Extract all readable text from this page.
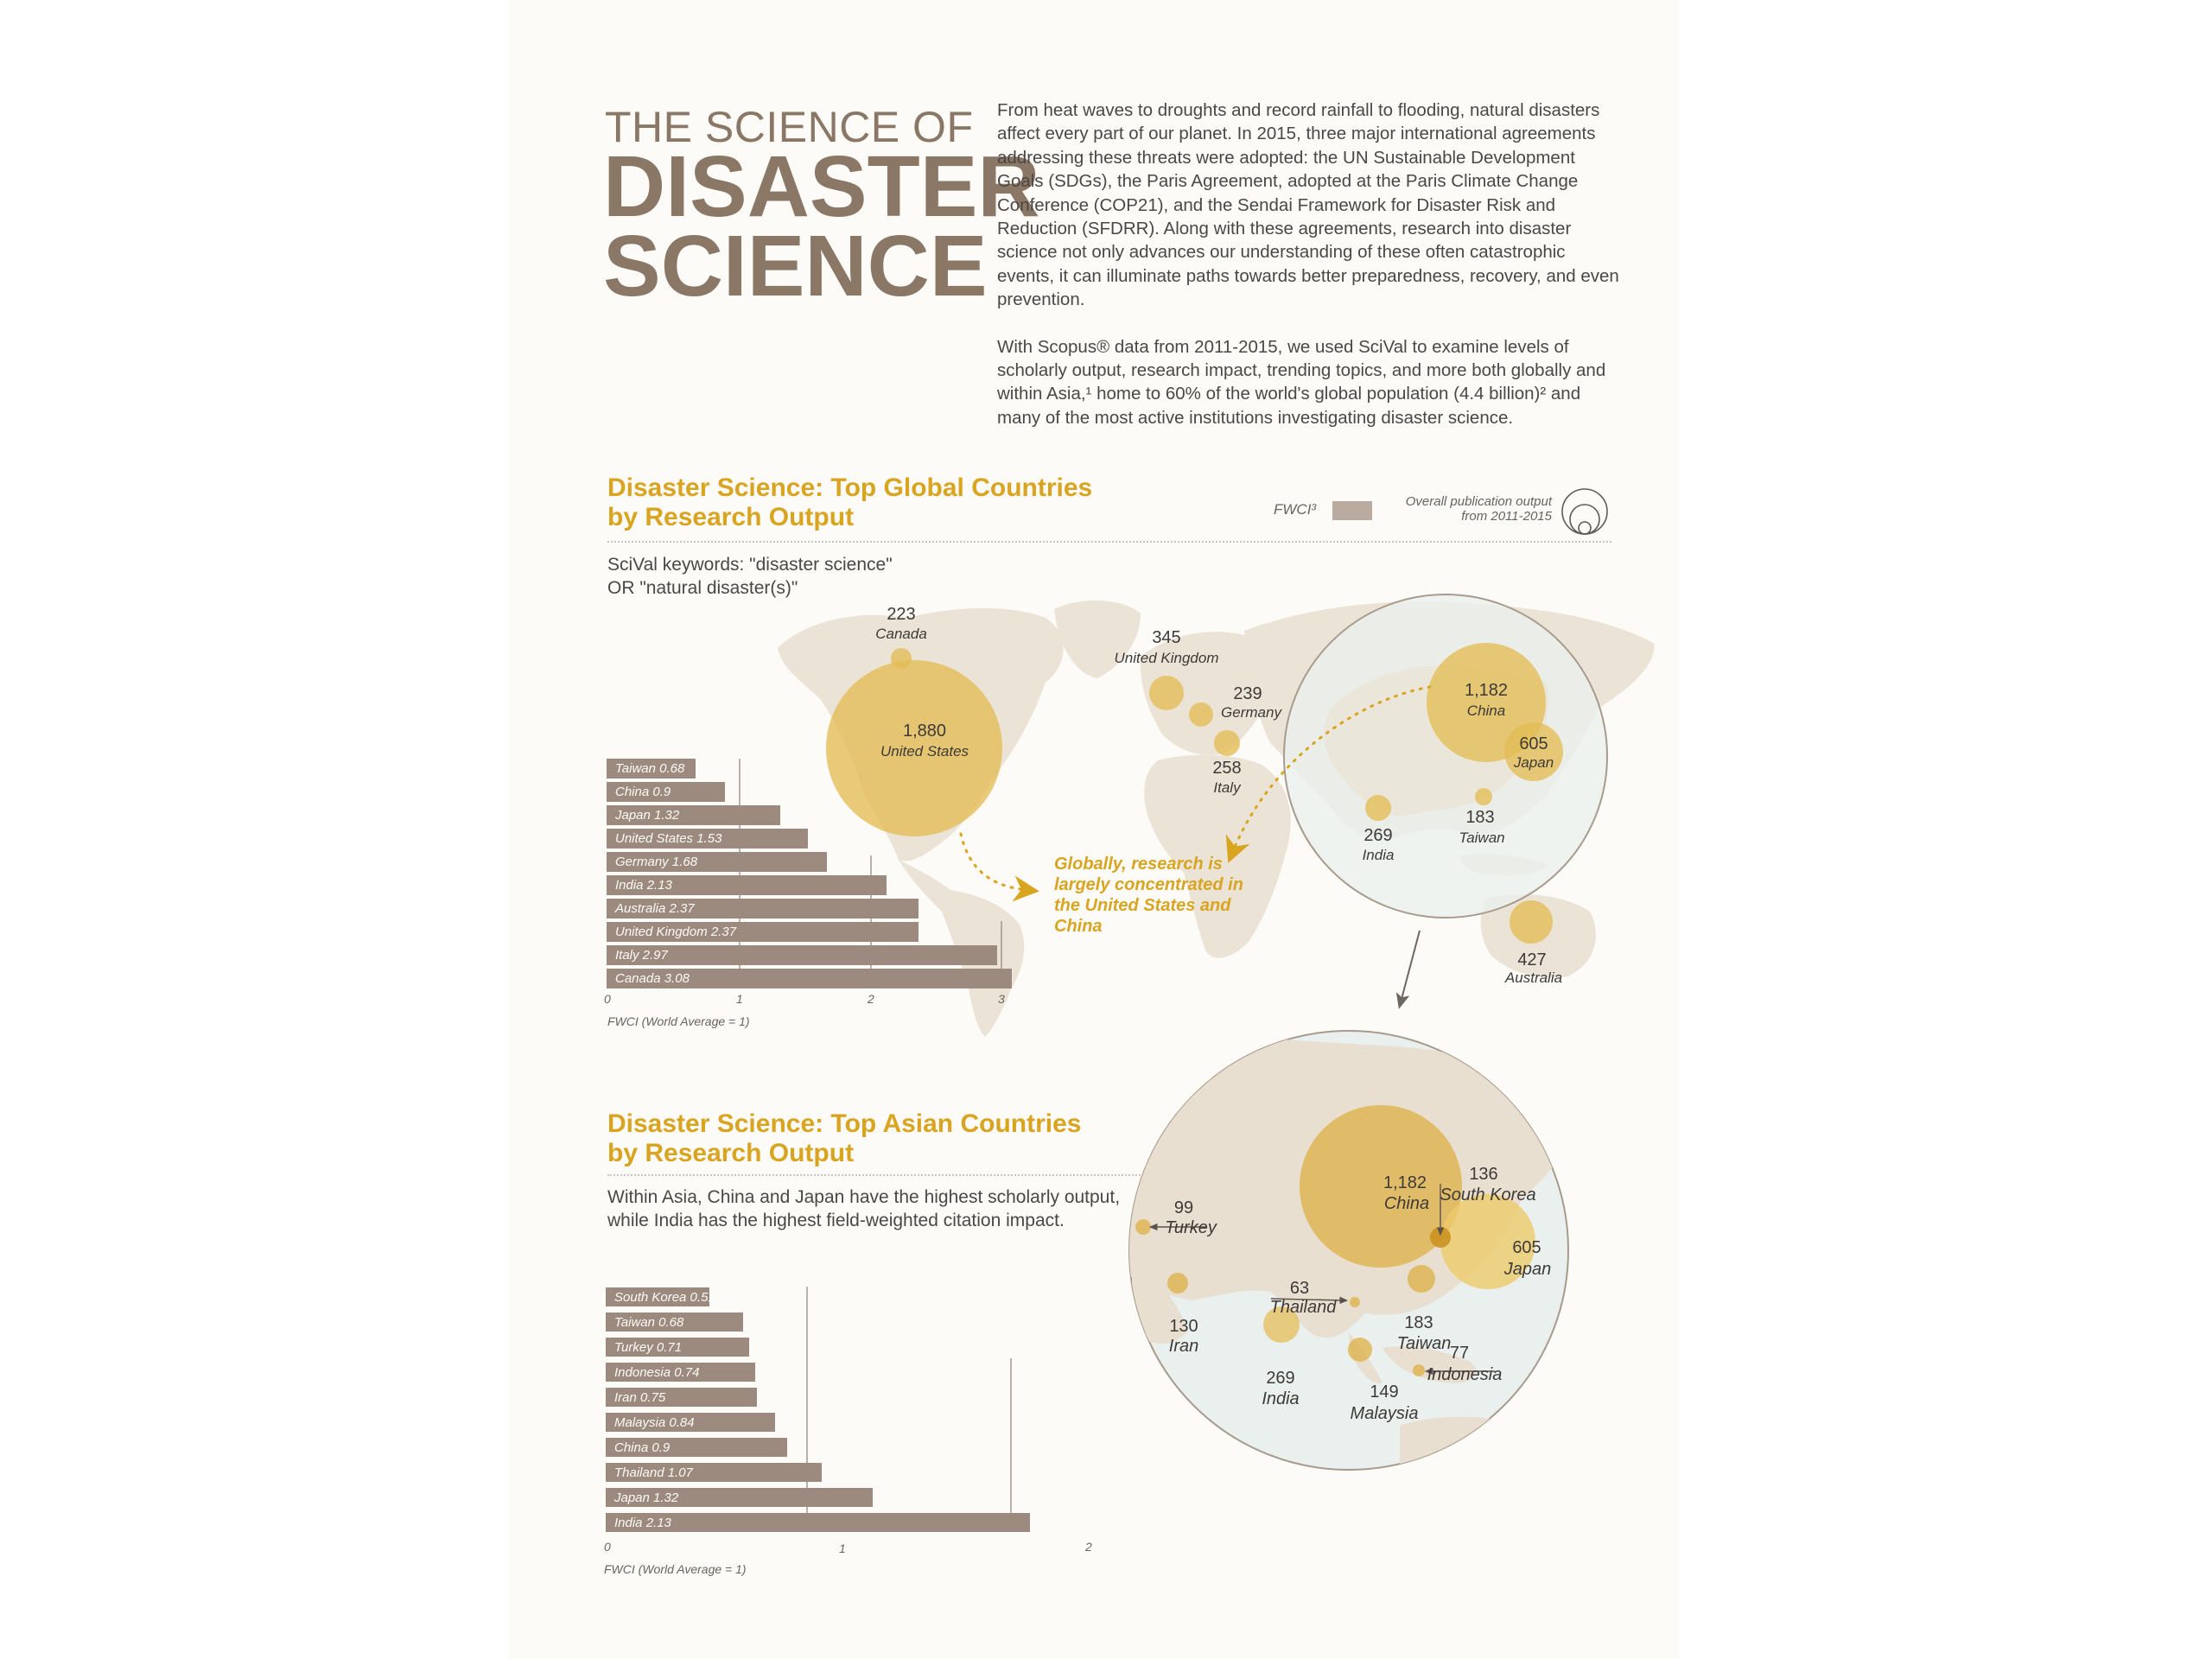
THE SCIENCE OF
DISASTER
SCIENCE

From heat waves to droughts and record rainfall to flooding, natural disasters affect every part of our planet. In 2015, three major international agreements addressing these threats were adopted: the UN Sustainable Development Goals (SDGs), the Paris Agreement, adopted at the Paris Climate Change Conference (COP21), and the Sendai Framework for Disaster Risk and Reduction (SFDRR). Along with these agreements, research into disaster science not only advances our understanding of these often catastrophic events, it can illuminate paths towards better preparedness, recovery, and even prevention.

With Scopus® data from 2011-2015, we used SciVal to examine levels of scholarly output, research impact, trending topics, and more both globally and within Asia,¹ home to 60% of the world's global population (4.4 billion)² and many of the most active institutions investigating disaster science.

Disaster Science: Top Global Countries
by Research Output	FWCI³	Overall publication output
from 2011-2015
SciVal keywords: "disaster science"
OR "natural disaster(s)"
223
Canada
1,880
United States
345
United Kingdom
239
Germany
258
Italy
1,182
China
605
Japan
269
India
183
Taiwan
427
Australia
Globally, research is largely concentrated in the United States and China
Taiwan 0.68
China 0.9
Japan 1.32
United States 1.53
Germany 1.68
India 2.13
Australia 2.37
United Kingdom 2.37
Italy 2.97
Canada 3.08
0	1	2	3
FWCI (World Average = 1)
Disaster Science: Top Asian Countries
by Research Output
Within Asia, China and Japan have the highest scholarly output,
while India has the highest field-weighted citation impact.
South Korea 0.51
Taiwan 0.68
Turkey 0.71
Indonesia 0.74
Iran 0.75
Malaysia 0.84
China 0.9
Thailand 1.07
Japan 1.32
India 2.13
0	1	2
FWCI (World Average = 1)
1,182
China
136
South Korea
605
Japan
99
Turkey
130
Iran
63
Thailand
183
Taiwan
269
India	149
Malaysia
77
Indonesia
